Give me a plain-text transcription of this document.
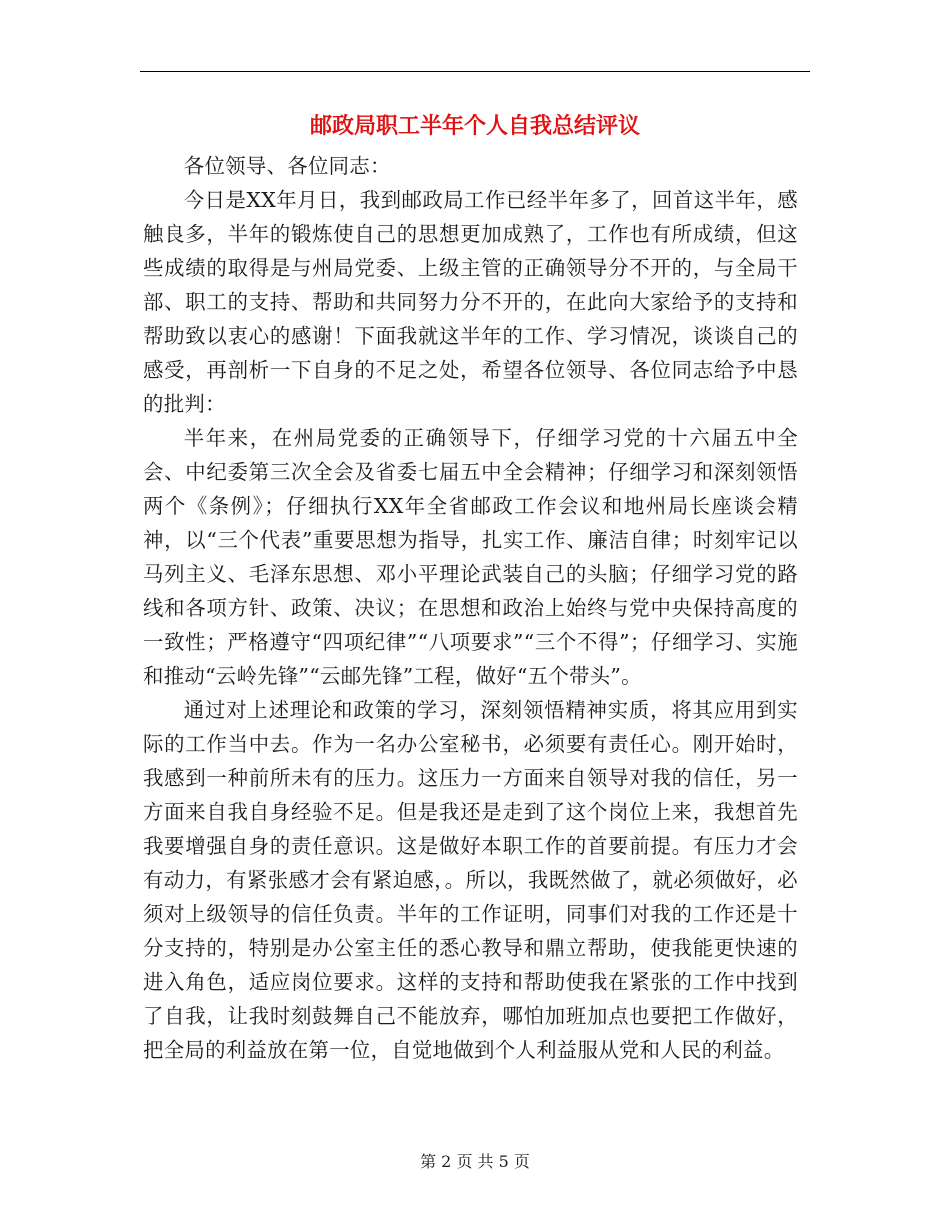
邮政局职工半年个人自我总结评议

各位领导、各位同志：

今日是XX年月日，我到邮政局工作已经半年多了，回首这半年，感触良多，半年的锻炼使自己的思想更加成熟了，工作也有所成绩，但这些成绩的取得是与州局党委、上级主管的正确领导分不开的，与全局干部、职工的支持、帮助和共同努力分不开的，在此向大家给予的支持和帮助致以衷心的感谢！下面我就这半年的工作、学习情况，谈谈自己的感受，再剖析一下自身的不足之处，希望各位领导、各位同志给予中恳的批判：

半年来，在州局党委的正确领导下，仔细学习党的十六届五中全会、中纪委第三次全会及省委七届五中全会精神；仔细学习和深刻领悟两个《条例》；仔细执行XX年全省邮政工作会议和地州局长座谈会精神，以“三个代表”重要思想为指导，扎实工作、廉洁自律；时刻牢记以马列主义、毛泽东思想、邓小平理论武装自己的头脑；仔细学习党的路线和各项方针、政策、决议；在思想和政治上始终与党中央保持高度的一致性；严格遵守“四项纪律”“八项要求”“三个不得”；仔细学习、实施和推动“云岭先锋”“云邮先锋”工程，做好“五个带头”。

通过对上述理论和政策的学习，深刻领悟精神实质，将其应用到实际的工作当中去。作为一名办公室秘书，必须要有责任心。刚开始时，我感到一种前所未有的压力。这压力一方面来自领导对我的信任，另一方面来自我自身经验不足。但是我还是走到了这个岗位上来，我想首先我要增强自身的责任意识。这是做好本职工作的首要前提。有压力才会有动力，有紧张感才会有紧迫感，。所以，我既然做了，就必须做好，必须对上级领导的信任负责。半年的工作证明，同事们对我的工作还是十分支持的，特别是办公室主任的悉心教导和鼎立帮助，使我能更快速的进入角色，适应岗位要求。这样的支持和帮助使我在紧张的工作中找到了自我，让我时刻鼓舞自己不能放弃，哪怕加班加点也要把工作做好，把全局的利益放在第一位，自觉地做到个人利益服从党和人民的利益。

第 2 页 共 5 页
